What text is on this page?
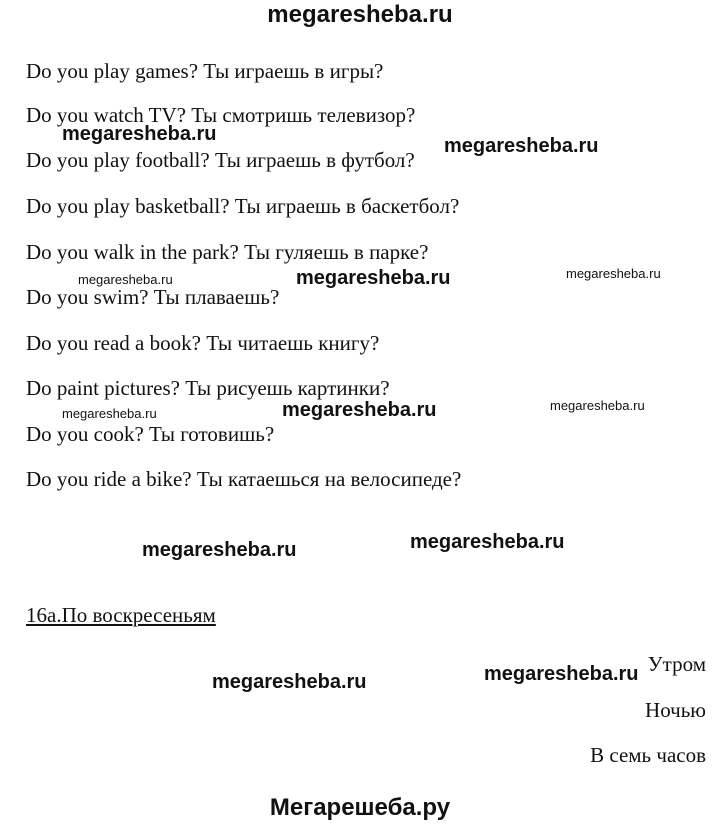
megaresheba.ru
Do you play games? Ты играешь в игры?
Do you watch TV? Ты смотришь телевизор?
Do you play football? Ты играешь в футбол?
Do you play basketball? Ты играешь в баскетбол?
Do you walk in the park? Ты гуляешь в парке?
Do you swim? Ты плаваешь?
Do you read a book? Ты читаешь книгу?
Do paint pictures? Ты рисуешь картинки?
Do you cook? Ты готовишь?
Do you ride a bike? Ты катаешься на велосипеде?
16a.По воскресеньям
Утром
Ночью
В семь часов
megaresheba.ru
megaresheba.ru
megaresheba.ru
megaresheba.ru
megaresheba.ru	megaresheba.ru
megaresheba.ru	megaresheba.ru
megaresheba.ru	megaresheba.ru
megaresheba.ru
megaresheba.ru
Мегарешеба.ру
